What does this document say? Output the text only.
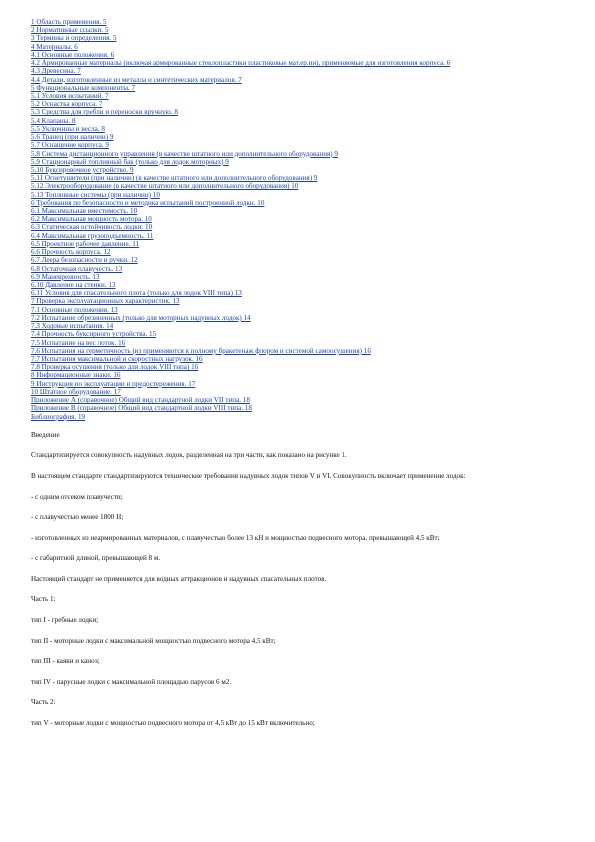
1 Область применения. 5
2 Нормативные ссылки. 5
3 Термины и определения. 5
4 Материалы. 6
4.1 Основные положения. 6
4.2 Армированные материалы (включая армированные стеклопластики пластиковые мат.ер.ии), применяемые для изготовления корпуса. 6
4.3 Древесина. 7
4.4 Детали, изготовленные из металла и синтетических материалов. 7
5 Функциональные компоненты. 7
5.1 Условия испытаний. 7
5.2 Оснастка корпуса. 7
5.3 Средства для гребли и переноски вручную. 8
5.4 Клапаны. 8
5.5 Уключины и весла. 8
5.6 Транец (при наличии) 9
5.7 Оснащение корпуса. 9
5.8 Система дистанционного управления (в качестве штатного или дополнительного оборудования) 9
5.9 Стационарный топливный бак (только для лодок моторных) 9
5.10 Буксировочное устройство. 9
5.11 Огнетушители (при наличии) (в качестве штатного или дополнительного оборудования) 9
5.12 Электрооборудование (в качестве штатного или дополнительного оборудования) 10
5.13 Топливные системы (при наличии) 10
6 Требования по безопасности и методика испытаний построенной лодки. 10
6.1 Максимальная вместимость. 10
6.2 Максимальная мощность мотора. 10
6.3 Статическая остойчивость лодки. 10
6.4 Максимальная грузоподъемность. 11
6.5 Проектное рабочее давление. 11
6.6 Прочность корпуса. 12
6.7 Леера безопасности и ручки. 12
6.8 Остаточная плавучесть. 13
6.9 Маневренность. 13
6.10 Давление на стенки. 13
6.11 Условия для спасательного плота (только для лодок VIII типа) 13
7 Проверка эксплуатационных характеристик. 13
7.1 Основные положения. 13
7.2 Испытание обрезиненных (только для моторных надувных лодок) 14
7.3 Ходовые испытания. 14
7.4 Прочность буксирного устройства. 15
7.5 Испытание на вес лоток. 16
7.6 Испытания на герметичность (из применяются к полному бракетенаж флором и системой самоосушения) 16
7.7 Испытания максимальной и скоростных нагрузок. 16
7.8 Проверка осушения (только для лодок VIII типа) 16
8 Информационные знаки. 16
9 Инструкция по эксплуатации и предостережения. 17
10 Штатное оборудование. 17
Приложение А (справочное) Общий вид стандартной лодки VII типа. 18
Приложение В (справочное) Общий вид стандартной лодки VIII типа. 18
Библиография. 19

Введение

Стандартизируется совокупность надувных лодок, разделенная на три части, как показано на рисунке 1.

В настоящем стандарте стандартизируются технические требования надувных лодок типов V и VI. Совокупность включает применение лодок:

- с одним отсеком плавучести;

- с плавучестью менее 1800 Н;

- изготовленных из неармированных материалов, с плавучестью более 13 кН и мощностью подвесного мотора, превышающей 4,5 кВт;

- с габаритной длиной, превышающей 8 м.

Настоящий стандарт не применяется для водных аттракционов и надувных спасательных плотов.

Часть 1:

тип I - гребные лодки;

тип II - моторные лодки с максимальной мощностью подвесного мотора 4,5 кВт;

тип III - каяки и каноэ;

тип IV - парусные лодки с максимальной площадью парусов 6 м2.

Часть 2:

тип V - моторные лодки с мощностью подвесного мотора от 4,5 кВт до 15 кВт включительно;
